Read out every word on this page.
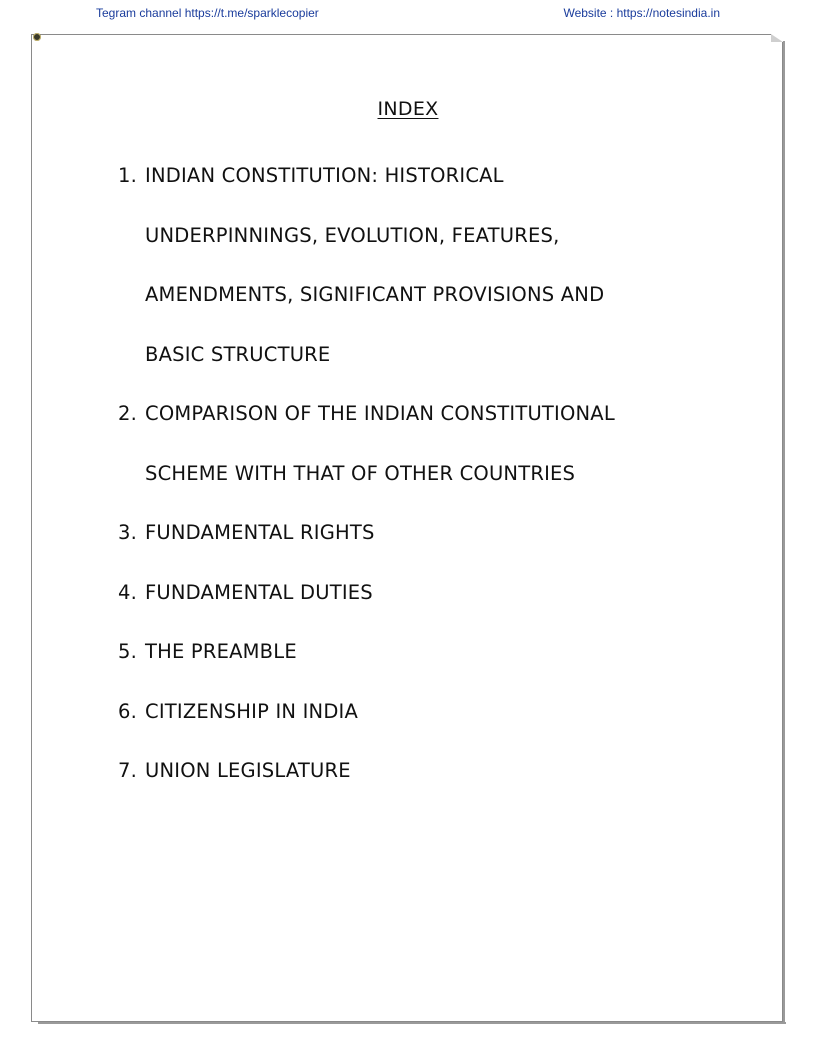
Tegram channel https://t.me/sparklecopier	Website : https://notesindia.in
INDEX
1. INDIAN CONSTITUTION: HISTORICAL
UNDERPINNINGS, EVOLUTION, FEATURES,
AMENDMENTS, SIGNIFICANT PROVISIONS AND
BASIC STRUCTURE
2. COMPARISON OF THE INDIAN CONSTITUTIONAL
SCHEME WITH THAT OF OTHER COUNTRIES
3. FUNDAMENTAL RIGHTS
4. FUNDAMENTAL DUTIES
5. THE PREAMBLE
6. CITIZENSHIP IN INDIA
7. UNION LEGISLATURE
